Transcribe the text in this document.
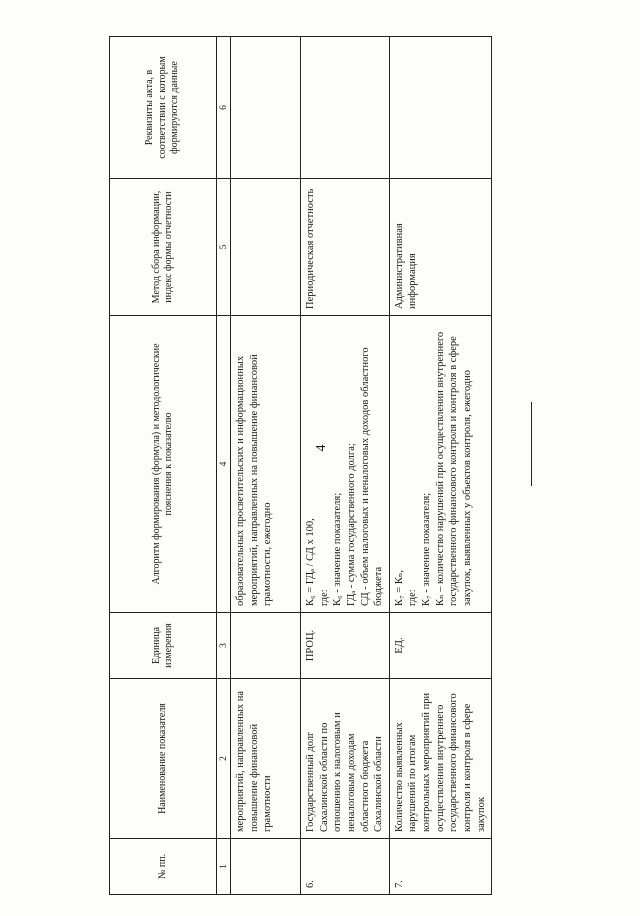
4
№ пп.	Наименование показателя	Единица измерения	Алгоритм формирования (формула) и методологические пояснения к показателю	Метод сбора информации, индекс формы отчетности	Реквизиты акта, в соответствии с которым формируются данные
1	2	3	4	5	6
	мероприятий, направленных на повышение финансовой грамотности		образовательных просветительских и информационных мероприятий, направленных на повышение финансовой грамотности, ежегодно		
6.	Государственный долг Сахалинской области по отношению к налоговым и неналоговым доходам областного бюджета Сахалинской области	ПРОЦ.	К₆ = ГДₐ / СД x 100, где: К₆ - значение показателя; ГДₐ - сумма государственного долга; СД - объем налоговых и неналоговых доходов областного бюджета	Периодическая отчетность	
7.	Количество выявленных нарушений по итогам контрольных мероприятий при осуществлении внутреннего государственного финансового контроля и контроля в сфере закупок	ЕД.	К₇ = Кₙ, где: К₇ - значение показателя; Кₙ – количество нарушений при осуществлении внутреннего государственного финансового контроля и контроля в сфере закупок, выявленных у объектов контроля, ежегодно	Административная информация	
